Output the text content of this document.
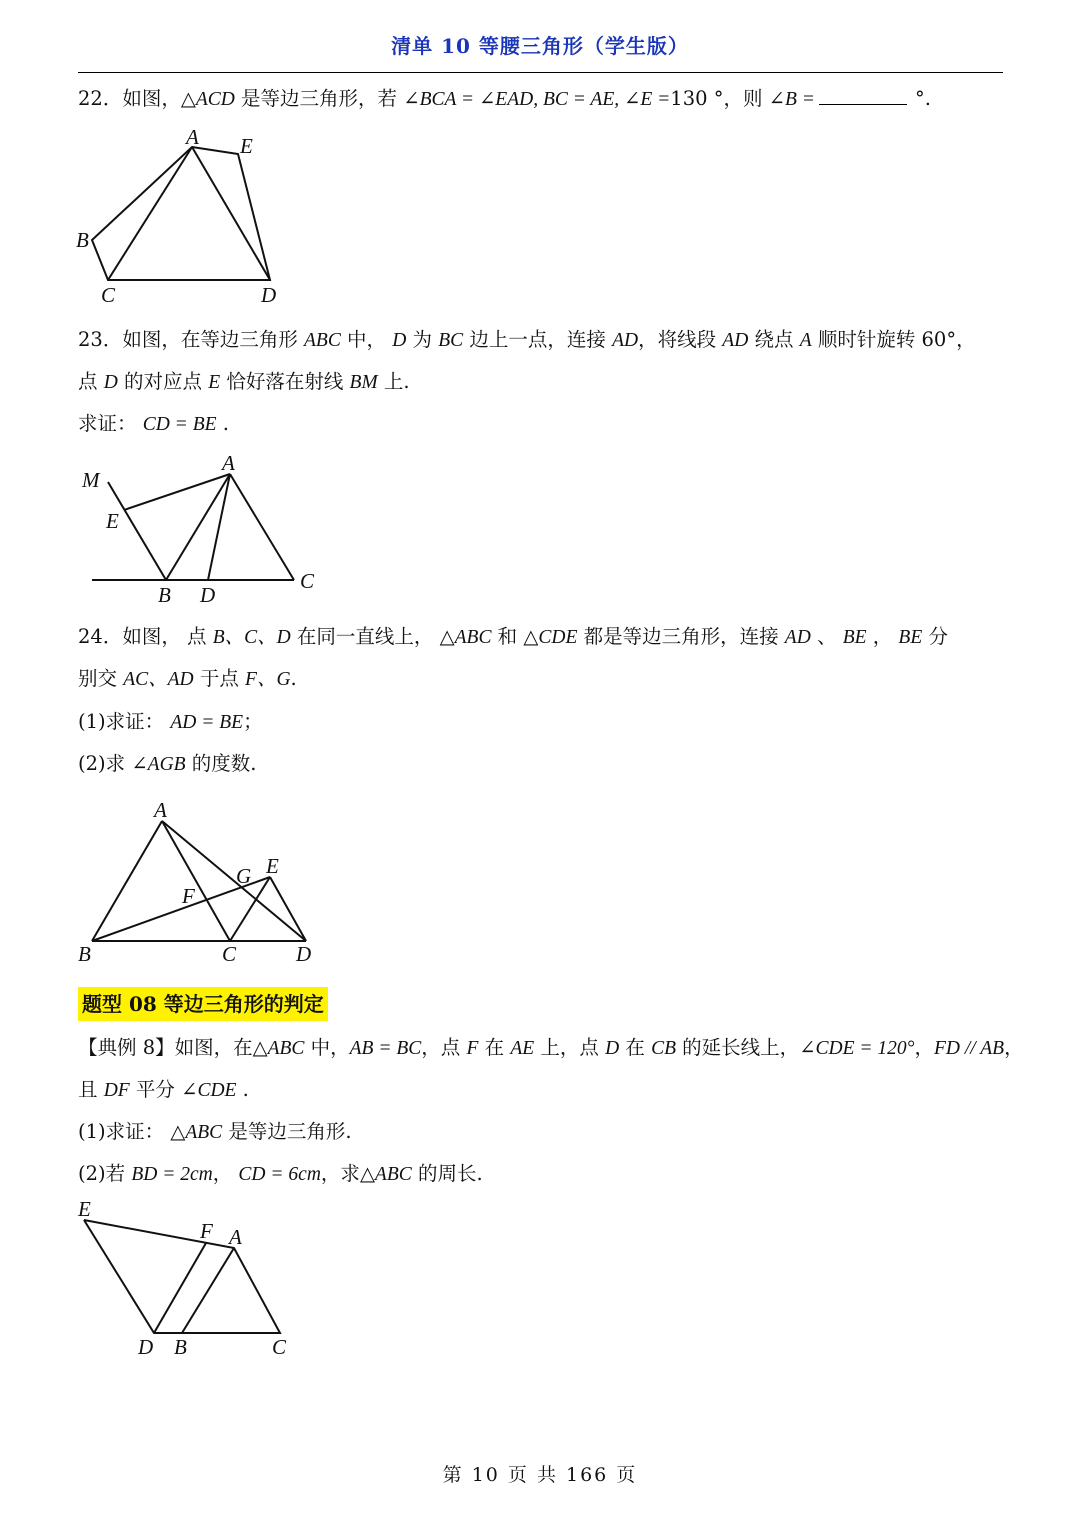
清单 10 等腰三角形（学生版）
22．如图，△ACD 是等边三角形，若 ∠BCA = ∠EAD, BC = AE, ∠E =130 °，则 ∠B =	°.
A E
B
C	D
23．如图，在等边三角形 ABC 中， D 为 BC 边上一点，连接 AD，将线段 AD 绕点 A 顺时针旋转 60°，
点 D 的对应点 E 恰好落在射线 BM 上.
求证： CD = BE .
M
A
E
B D
C
24．如图， 点 B、C、D 在同一直线上， △ABC 和 △CDE 都是等边三角形，连接 AD 、 BE ， BE 分
别交 AC、AD 于点 F、G.
(1)求证： AD = BE；
(2)求 ∠AGB 的度数.
A
G E
F
B	C	D
题型 08 等边三角形的判定
【典例 8】如图，在△ABC 中，AB = BC，点 F 在 AE 上，点 D 在 CB 的延长线上，∠CDE = 120°，FD // AB，
且 DF 平分 ∠CDE .
(1)求证： △ABC 是等边三角形.
(2)若 BD = 2cm， CD = 6cm，求△ABC 的周长.
E
F A
D B	C
第 10 页 共 166 页
